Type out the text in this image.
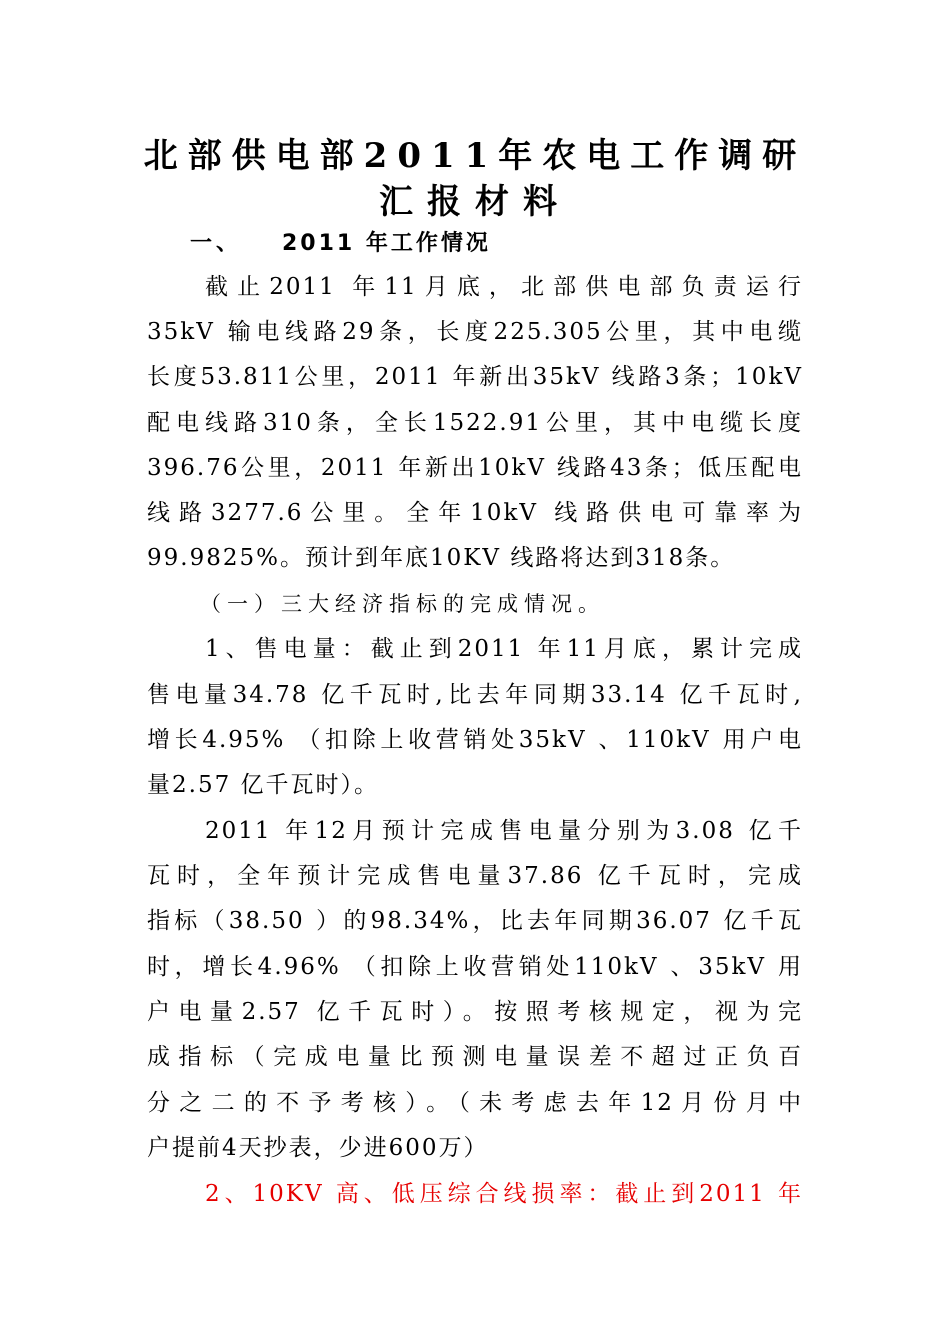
北部供电部2011年农电工作调研
汇报材料
一、 2011 年工作情况
截止2011 年11月底，北部供电部负责运行
35kV 输电线路29条，长度225.305公里，其中电缆
长度53.811公里，2011 年新出35kV 线路3条；10kV
配电线路310条，全长1522.91公里，其中电缆长度
396.76公里，2011 年新出10kV 线路43条；低压配电
线路3277.6公里。全年10kV 线路供电可靠率为
99.9825%。预计到年底10KV 线路将达到318条。
（一）三大经济指标的完成情况。
1、售电量：截止到2011 年11月底，累计完成
售电量34.78 亿千瓦时,比去年同期33.14 亿千瓦时,
增长4.95% （扣除上收营销处35kV 、110kV 用户电
量2.57 亿千瓦时）。
2011 年12月预计完成售电量分别为3.08 亿千
瓦时，全年预计完成售电量37.86 亿千瓦时，完成
指标（38.50 ）的98.34%，比去年同期36.07 亿千瓦
时，增长4.96% （扣除上收营销处110kV 、35kV 用
户电量2.57 亿千瓦时）。按照考核规定，视为完
成指标（完成电量比预测电量误差不超过正负百
分之二的不予考核）。（未考虑去年12月份月中
户提前4天抄表，少进600万）
2、10KV 高、低压综合线损率：截止到2011 年
